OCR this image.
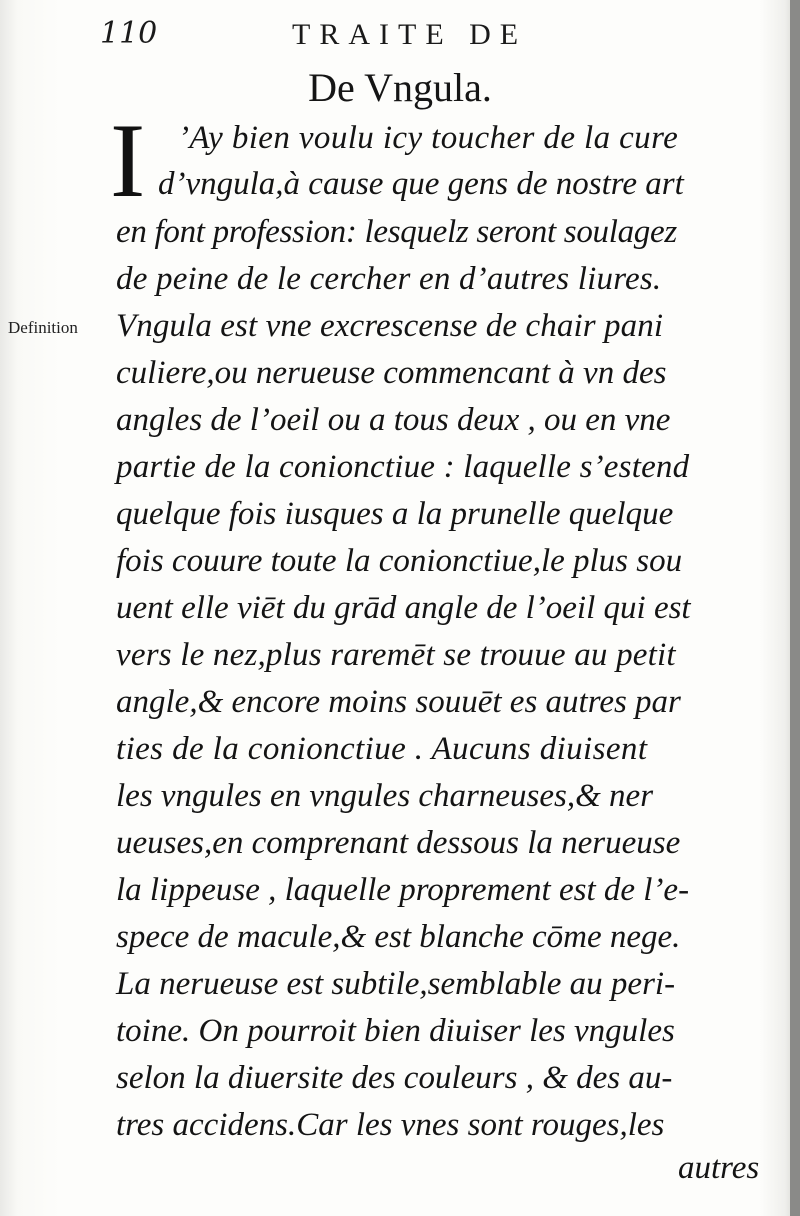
110	TRAITE DE
De Vngula.
I
Definition
’Ay bien voulu icy toucher de la cure
d’vngula,à cause que gens de nostre art
en font profession: lesquelz seront soulagez
de peine de le cercher en d’autres liures.
Vngula est vne excrescense de chair pani
culiere,ou nerueuse commencant à vn des
angles de l’oeil ou a tous deux , ou en vne
partie de la conionctiue : laquelle s’estend
quelque fois iusques a la prunelle quelque
fois couure toute la conionctiue,le plus sou
uent elle viēt du grād angle de l’oeil qui est
vers le nez,plus raremēt se trouue au petit
angle,& encore moins souuēt es autres par
ties de la conionctiue . Aucuns diuisent
les vngules en vngules charneuses,& ner
ueuses,en comprenant dessous la nerueuse
la lippeuse , laquelle proprement est de l’e-
spece de macule,& est blanche cōme nege.
La nerueuse est subtile,semblable au peri-
toine. On pourroit bien diuiser les vngules
selon la diuersite des couleurs , & des au-
tres accidens.Car les vnes sont rouges,les
autres
